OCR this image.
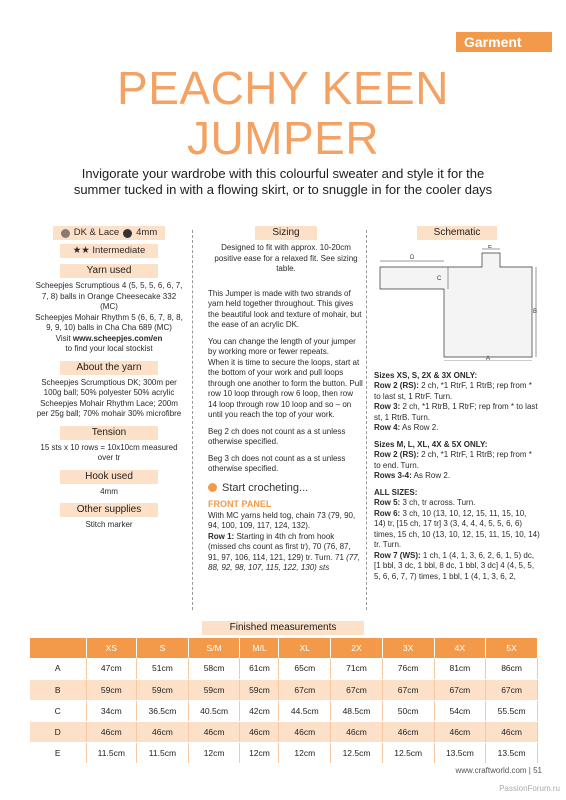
Garment
PEACHY KEEN
JUMPER

Invigorate your wardrobe with this colourful sweater and style it for the summer tucked in with a flowing skirt, or to snuggle in for the cooler days

DK & Lace 4mm
★★ Intermediate
Yarn used
Scheepjes Scrumptious 4 (5, 5, 5, 6, 6, 7, 7, 8) balls in Orange Cheesecake 332 (MC)
Scheepjes Mohair Rhythm 5 (6, 6, 7, 8, 8, 9, 9, 10) balls in Cha Cha 689 (MC)
Visit www.scheepjes.com/en
to find your local stockist
About the yarn
Scheepjes Scrumptious DK; 300m per 100g ball; 50% polyester 50% acrylic
Scheepjes Mohair Rhythm Lace; 200m per 25g ball; 70% mohair 30% microfibre
Tension
15 sts x 10 rows = 10x10cm measured over tr
Hook used
4mm
Other supplies
Stitch marker
Sizing
Designed to fit with approx. 10-20cm positive ease for a relaxed fit. See sizing table.
This Jumper is made with two strands of yarn held together throughout. This gives the beautiful look and texture of mohair, but the ease of an acrylic DK.
You can change the length of your jumper by working more or fewer repeats.
When it is time to secure the loops, start at the bottom of your work and pull loops through one another to form the button. Pull row 10 loop through row 6 loop, then row 14 loop through row 10 loop and so – on until you reach the top of your work.
Beg 2 ch does not count as a st unless otherwise specified.
Beg 3 ch does not count as a st unless otherwise specified.
Start crocheting...
FRONT PANEL
With MC yarns held tog, chain 73 (79, 90, 94, 100, 109, 117, 124, 132).
Row 1: Starting in 4th ch from hook (missed chs count as first tr), 70 (76, 87, 91, 97, 106, 114, 121, 129) tr. Turn. 71 (77, 88, 92, 98, 107, 115, 122, 130) sts
Schematic
D
E
C
A
B
Sizes XS, S, 2X & 3X ONLY:
Row 2 (RS): 2 ch, *1 RtrF, 1 RtrB; rep from * to last st, 1 RtrF. Turn.
Row 3: 2 ch, *1 RtrB, 1 RtrF; rep from * to last st, 1 RtrB. Turn.
Row 4: As Row 2.
Sizes M, L, XL, 4X & 5X ONLY:
Row 2 (RS): 2 ch, *1 RtrF, 1 RtrB; rep from * to end. Turn.
Rows 3-4: As Row 2.
ALL SIZES:
Row 5: 3 ch, tr across. Turn.
Row 6: 3 ch, 10 (13, 10, 12, 15, 11, 15, 10, 14) tr, [15 ch, 17 tr] 3 (3, 4, 4, 4, 5, 5, 6, 6) times, 15 ch, 10 (13, 10, 12, 15, 11, 15, 10, 14) tr. Turn.
Row 7 (WS): 1 ch, 1 (4, 1, 3, 6, 2, 6, 1, 5) dc, [1 bbl, 3 dc, 1 bbl, 8 dc, 1 bbl, 3 dc] 4 (4, 5, 5, 5, 6, 6, 7, 7) times, 1 bbl, 1 (4, 1, 3, 6, 2,
Finished measurements
	XS	S	S/M	M/L	XL	2X	3X	4X	5X
A	47cm	51cm	58cm	61cm	65cm	71cm	76cm	81cm	86cm
B	59cm	59cm	59cm	59cm	67cm	67cm	67cm	67cm	67cm
C	34cm	36.5cm	40.5cm	42cm	44.5cm	48.5cm	50cm	54cm	55.5cm
D	46cm	46cm	46cm	46cm	46cm	46cm	46cm	46cm	46cm
E	11.5cm	11.5cm	12cm	12cm	12cm	12.5cm	12.5cm	13.5cm	13.5cm
www.craftworld.com | 51
PassionForum.ru
